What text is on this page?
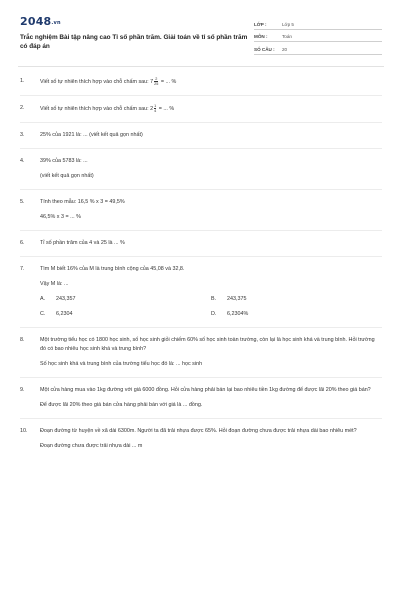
2048.vn
Trắc nghiệm Bài tập nâng cao Tỉ số phần trăm. Giải toán về tỉ số phần trăm có đáp án
LỚP :	Lớp 5
MÔN :	Toán
SỐ CÂU :	20
1.	Viết số tự nhiên thích hợp vào chỗ chấm sau: $7 \frac{2}{25}$ = ... %

2.	Viết số tự nhiên thích hợp vào chỗ chấm sau: $2 \frac{1}{4}$ = ... %

3.	25% của 1921 là: ... (viết kết quả gọn nhất)

4.	39% của 5783 là: ...

(viết kết quả gọn nhất)

5.	Tính theo mẫu: 16,5 % x 3 = 49,5%

46,5% x 3 = ... %

6.	Tỉ số phần trăm của 4 và 25 là ... %

7.	Tìm M biết 16% của M là trung bình cộng của 45,08 và 32,8.

Vậy M là: ...

A.	243,357	B.	243,375
C.	6,2304	D.	6,2304%
8.	Một trường tiểu học có 1800 học sinh, số học sinh giỏi chiếm 60% số học sinh toàn trường, còn lại là học sinh khá và trung bình. Hỏi trường đó có bao nhiêu học sinh khá và trung bình?

Số học sinh khá và trung bình của trường tiểu học đó là: ... học sinh

9.	Một cửa hàng mua vào 1kg đường với giá 6000 đồng. Hỏi cửa hàng phải bán lại bao nhiêu tiền 1kg đường để được lãi 20% theo giá bán?

Để được lãi 20% theo giá bán cửa hàng phải bán với giá là ... đồng.

10.	Đoạn đường từ huyện về xã dài 6300m. Người ta đã trải nhựa được 65%. Hỏi đoạn đường chưa được trải nhựa dài bao nhiêu mét?

Đoạn đường chưa được trải nhựa dài ... m
